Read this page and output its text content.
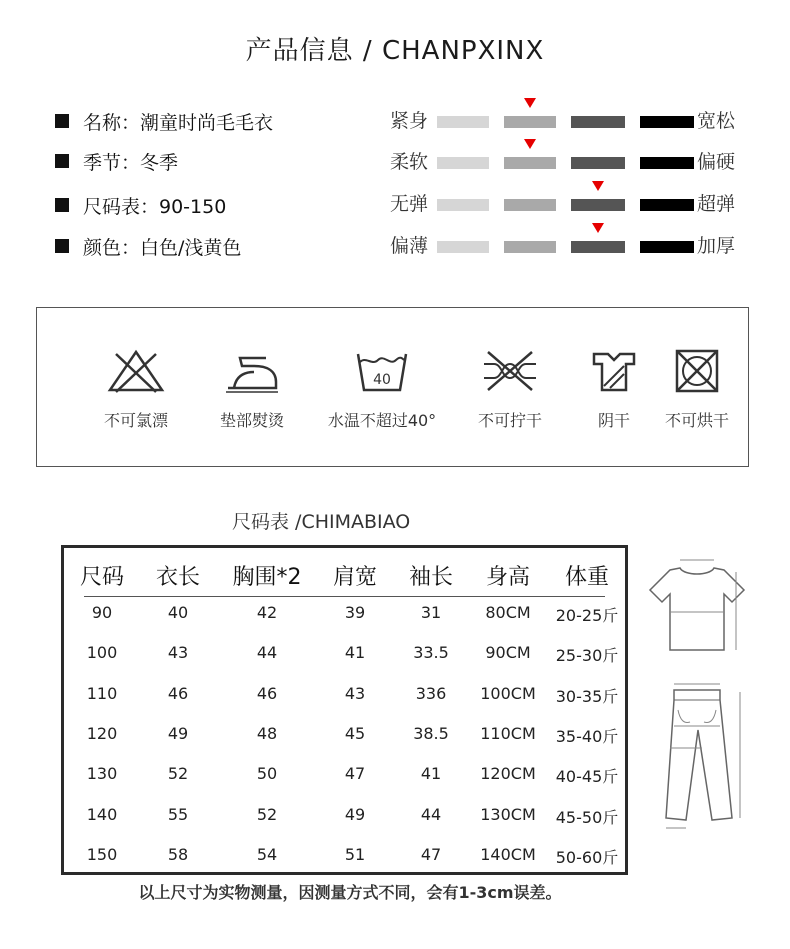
产品信息 / CHANPXINX
名称：潮童时尚毛毛衣
季节：冬季
尺码表：90-150
颜色：白色/浅黄色
紧身	宽松
柔软	偏硬
无弹	超弹
偏薄	加厚
不可氯漂	垫部熨烫
40
水温不超过40°	不可拧干	阴干	不可烘干
尺码表 /CHIMABIAO
尺码 衣长 胸围*2 肩宽 袖长 身高 体重
90	40	42	39	31	80CM 20-25斤
100	43	44	41	33.5 90CM 25-30斤
110	46	46	43	336 100CM 30-35斤
120	49	48	45	38.5 110CM 35-40斤
130	52	50	47	41 120CM 40-45斤
140	55	52	49	44 130CM 45-50斤
150	58	54	51	47 140CM 50-60斤
以上尺寸为实物测量，因测量方式不同，会有1-3cm误差。
